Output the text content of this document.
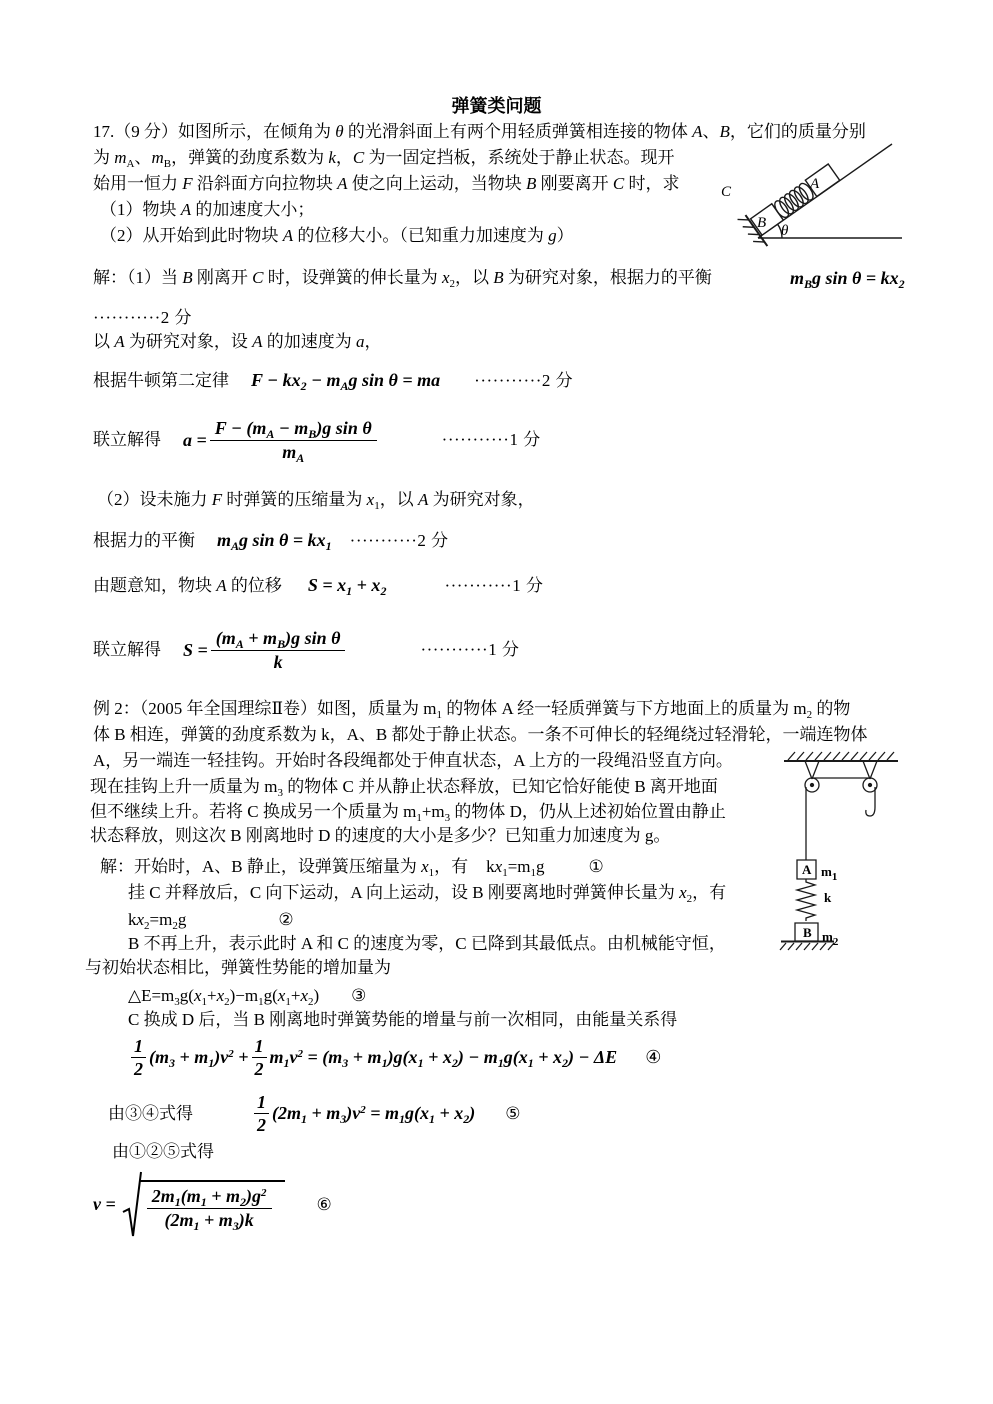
弹簧类问题
17.（9 分）如图所示，在倾角为 θ 的光滑斜面上有两个用轻质弹簧相连接的物体 A、B，它们的质量分别
为 $m_A$、$m_B$，弹簧的劲度系数为 k，C 为一固定挡板，系统处于静止状态。现开
始用一恒力 F 沿斜面方向拉物块 A 使之向上运动，当物块 B 刚要离开 C 时，求
（1）物块 A 的加速度大小；
（2）从开始到此时物块 A 的位移大小。（已知重力加速度为 g）
C
B
A
θ
解：（1）当 B 刚离开 C 时，设弹簧的伸长量为 $x_2$，以 B 为研究对象，根据力的平衡	$m_Bg$ $\sin \theta = kx_2$
···········2 分
以 A 为研究对象，设 A 的加速度为 a，
根据牛顿第二定律 $F - kx_2 - m_Ag$ sin θ = ma ···········2 分
联立解得 $a = \frac{F - (m_A - m_B)g \sin \theta}{m_A}$	···········1 分
（2）设未施力 F 时弹簧的压缩量为 $x_1$，以 A 为研究对象，
根据力的平衡 $m_Ag$ $\sin \theta = kx_1 \cdot\cdot\cdot\cdot\cdot\cdot\cdot\cdot\cdot\cdot\cdot 2$ 分
由题意知，物块 A 的位移 $S = x_1 + x_2$	···········1 分
联立解得 $S = \frac{(m_A + m_B)g \sin \theta}{k}$	···········1 分
例 2：（2005 年全国理综Ⅱ卷）如图，质量为 $m_1$ 的物体 A 经一轻质弹簧与下方地面上的质量为 $m_2$ 的物
体 B 相连，弹簧的劲度系数为 k，A、B 都处于静止状态。一条不可伸长的轻绳绕过轻滑轮，一端连物体
A，另一端连一轻挂钩。开始时各段绳都处于伸直状态，A 上方的一段绳沿竖直方向。
现在挂钩上升一质量为 $m_3$ 的物体 C 并从静止状态释放，已知它恰好能使 B 离开地面
但不继续上升。若将 C 换成另一个质量为 $m_1+m_3$ 的物体 D，仍从上述初始位置由静止
状态释放，则这次 B 刚离地时 D 的速度的大小是多少？已知重力加速度为 g。
A $m_1$
k
B $m_2$
解：开始时，A、B 静止，设弹簧压缩量为 $x_1$，有 $kx_1=m_1g$	①
挂 C 并释放后，C 向下运动，A 向上运动，设 B 刚要离地时弹簧伸长量为 $x_2$，有
$kx_2=m_2g$	②
B 不再上升，表示此时 A 和 C 的速度为零，C 已降到其最低点。由机械能守恒，
与初始状态相比，弹簧性势能的增加量为
$\triangle E=m_3g(x_1+x_2)-m_1g(x_1+x_2)$ ③
C 换成 D 后，当 B 刚离地时弹簧势能的增量与前一次相同，由能量关系得
$\frac{1}{2} (m_3 + m_1)v^2 + \frac{1}{2} m_1v^2 = (m_3 + m_1)g(x_1 + x_2) - m_1g(x_1 + x_2) - \Delta E$ ④
由③④式得	$\frac{1}{2} (2m_1 + m_3)v^2 = m_1g(x_1 + x_2)$ ⑤
由①②⑤式得
$v = \frac{2m_1(m_1 + m_2)g^2}{(2m_1 + m_3)k}$	⑥
